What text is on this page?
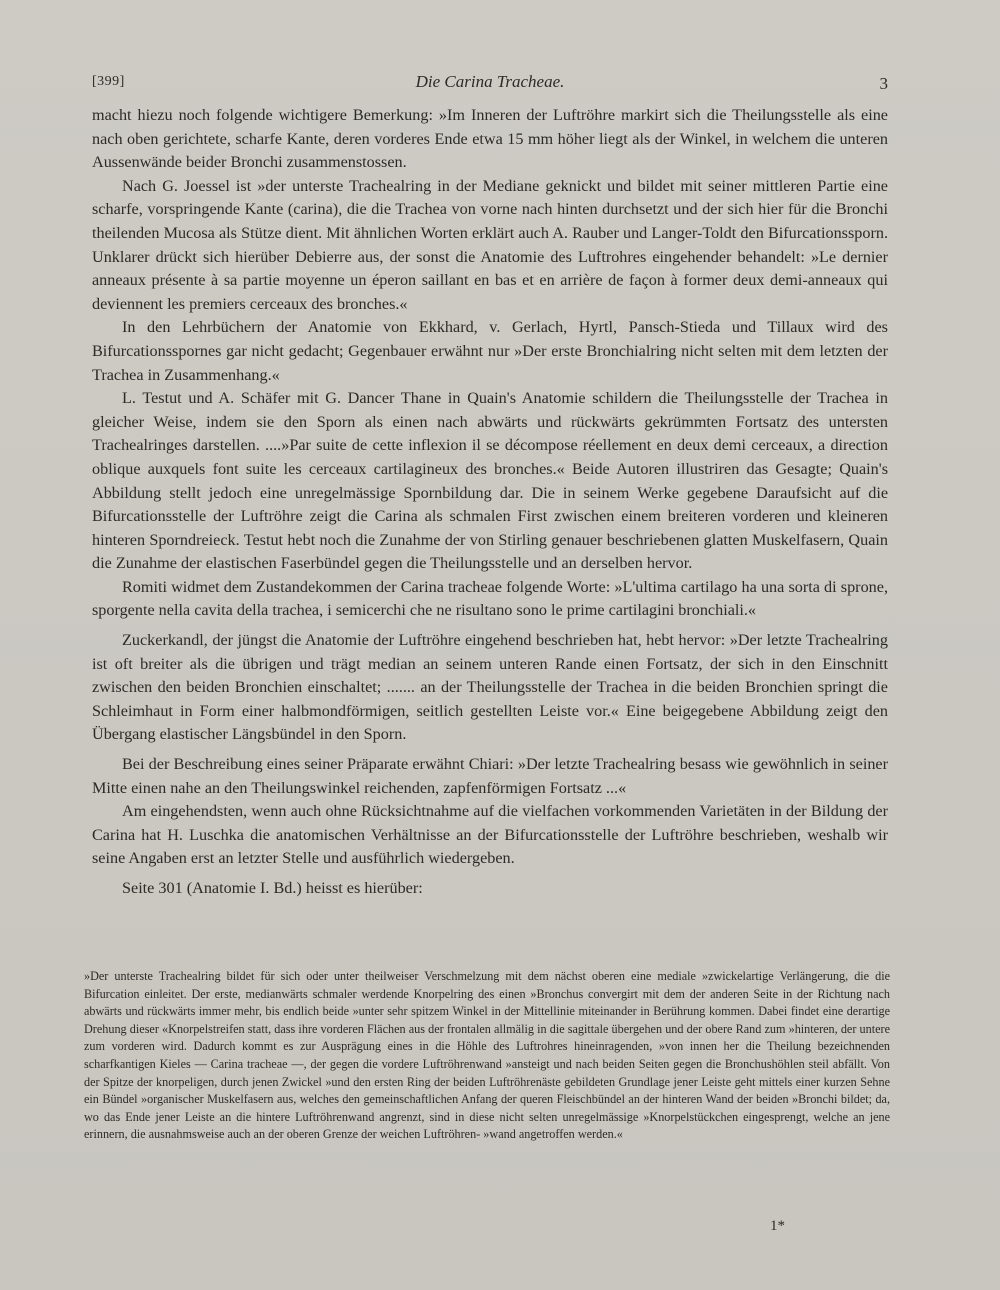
[399]	Die Carina Tracheae.	3

macht hiezu noch folgende wichtigere Bemerkung: »Im Inneren der Luftröhre markirt sich die Theilungsstelle als eine nach oben gerichtete, scharfe Kante, deren vorderes Ende etwa 15 mm höher liegt als der Winkel, in welchem die unteren Aussenwände beider Bronchi zusammenstossen.

Nach G. Joessel ist »der unterste Trachealring in der Mediane geknickt und bildet mit seiner mittleren Partie eine scharfe, vorspringende Kante (carina), die die Trachea von vorne nach hinten durchsetzt und der sich hier für die Bronchi theilenden Mucosa als Stütze dient. Mit ähnlichen Worten erklärt auch A. Rauber und Langer-Toldt den Bifurcationssporn. Unklarer drückt sich hierüber Debierre aus, der sonst die Anatomie des Luftrohres eingehender behandelt: »Le dernier anneaux présente à sa partie moyenne un éperon saillant en bas et en arrière de façon à former deux demi-anneaux qui deviennent les premiers cerceaux des bronches.«

In den Lehrbüchern der Anatomie von Ekkhard, v. Gerlach, Hyrtl, Pansch-Stieda und Tillaux wird des Bifurcationsspornes gar nicht gedacht; Gegenbauer erwähnt nur »Der erste Bronchialring nicht selten mit dem letzten der Trachea in Zusammenhang.«

L. Testut und A. Schäfer mit G. Dancer Thane in Quain's Anatomie schildern die Theilungsstelle der Trachea in gleicher Weise, indem sie den Sporn als einen nach abwärts und rückwärts gekrümmten Fortsatz des untersten Trachealringes darstellen. ....»Par suite de cette inflexion il se décompose réellement en deux demi cerceaux, a direction oblique auxquels font suite les cerceaux cartilagineux des bronches.« Beide Autoren illustriren das Gesagte; Quain's Abbildung stellt jedoch eine unregelmässige Spornbildung dar. Die in seinem Werke gegebene Daraufsicht auf die Bifurcationsstelle der Luftröhre zeigt die Carina als schmalen First zwischen einem breiteren vorderen und kleineren hinteren Sporndreieck. Testut hebt noch die Zunahme der von Stirling genauer beschriebenen glatten Muskelfasern, Quain die Zunahme der elastischen Faserbündel gegen die Theilungsstelle und an derselben hervor.

Romiti widmet dem Zustandekommen der Carina tracheae folgende Worte: »L'ultima cartilago ha una sorta di sprone, sporgente nella cavita della trachea, i semicerchi che ne risultano sono le prime cartilagini bronchiali.«

Zuckerkandl, der jüngst die Anatomie der Luftröhre eingehend beschrieben hat, hebt hervor: »Der letzte Trachealring ist oft breiter als die übrigen und trägt median an seinem unteren Rande einen Fortsatz, der sich in den Einschnitt zwischen den beiden Bronchien einschaltet; ....... an der Theilungsstelle der Trachea in die beiden Bronchien springt die Schleimhaut in Form einer halbmondförmigen, seitlich gestellten Leiste vor.« Eine beigegebene Abbildung zeigt den Übergang elastischer Längsbündel in den Sporn.

Bei der Beschreibung eines seiner Präparate erwähnt Chiari: »Der letzte Trachealring besass wie gewöhnlich in seiner Mitte einen nahe an den Theilungswinkel reichenden, zapfenförmigen Fortsatz ...«

Am eingehendsten, wenn auch ohne Rücksichtnahme auf die vielfachen vorkommenden Varietäten in der Bildung der Carina hat H. Luschka die anatomischen Verhältnisse an der Bifurcationsstelle der Luftröhre beschrieben, weshalb wir seine Angaben erst an letzter Stelle und ausführlich wiedergeben.

Seite 301 (Anatomie I. Bd.) heisst es hierüber:

»Der unterste Trachealring bildet für sich oder unter theilweiser Verschmelzung mit dem nächst oberen eine mediale »zwickelartige Verlängerung, die die Bifurcation einleitet. Der erste, medianwärts schmaler werdende Knorpelring des einen »Bronchus convergirt mit dem der anderen Seite in der Richtung nach abwärts und rückwärts immer mehr, bis endlich beide »unter sehr spitzem Winkel in der Mittellinie miteinander in Berührung kommen. Dabei findet eine derartige Drehung dieser «Knorpelstreifen statt, dass ihre vorderen Flächen aus der frontalen allmälig in die sagittale übergehen und der obere Rand zum »hinteren, der untere zum vorderen wird. Dadurch kommt es zur Ausprägung eines in die Höhle des Luftrohres hineinragenden, »von innen her die Theilung bezeichnenden scharfkantigen Kieles — Carina tracheae —, der gegen die vordere Luftröhrenwand »ansteigt und nach beiden Seiten gegen die Bronchushöhlen steil abfällt. Von der Spitze der knorpeligen, durch jenen Zwickel »und den ersten Ring der beiden Luftröhrenäste gebildeten Grundlage jener Leiste geht mittels einer kurzen Sehne ein Bündel »organischer Muskelfasern aus, welches den gemeinschaftlichen Anfang der queren Fleischbündel an der hinteren Wand der beiden »Bronchi bildet; da, wo das Ende jener Leiste an die hintere Luftröhrenwand angrenzt, sind in diese nicht selten unregelmässige »Knorpelstückchen eingesprengt, welche an jene erinnern, die ausnahmsweise auch an der oberen Grenze der weichen Luftröhren- »wand angetroffen werden.«

1*
